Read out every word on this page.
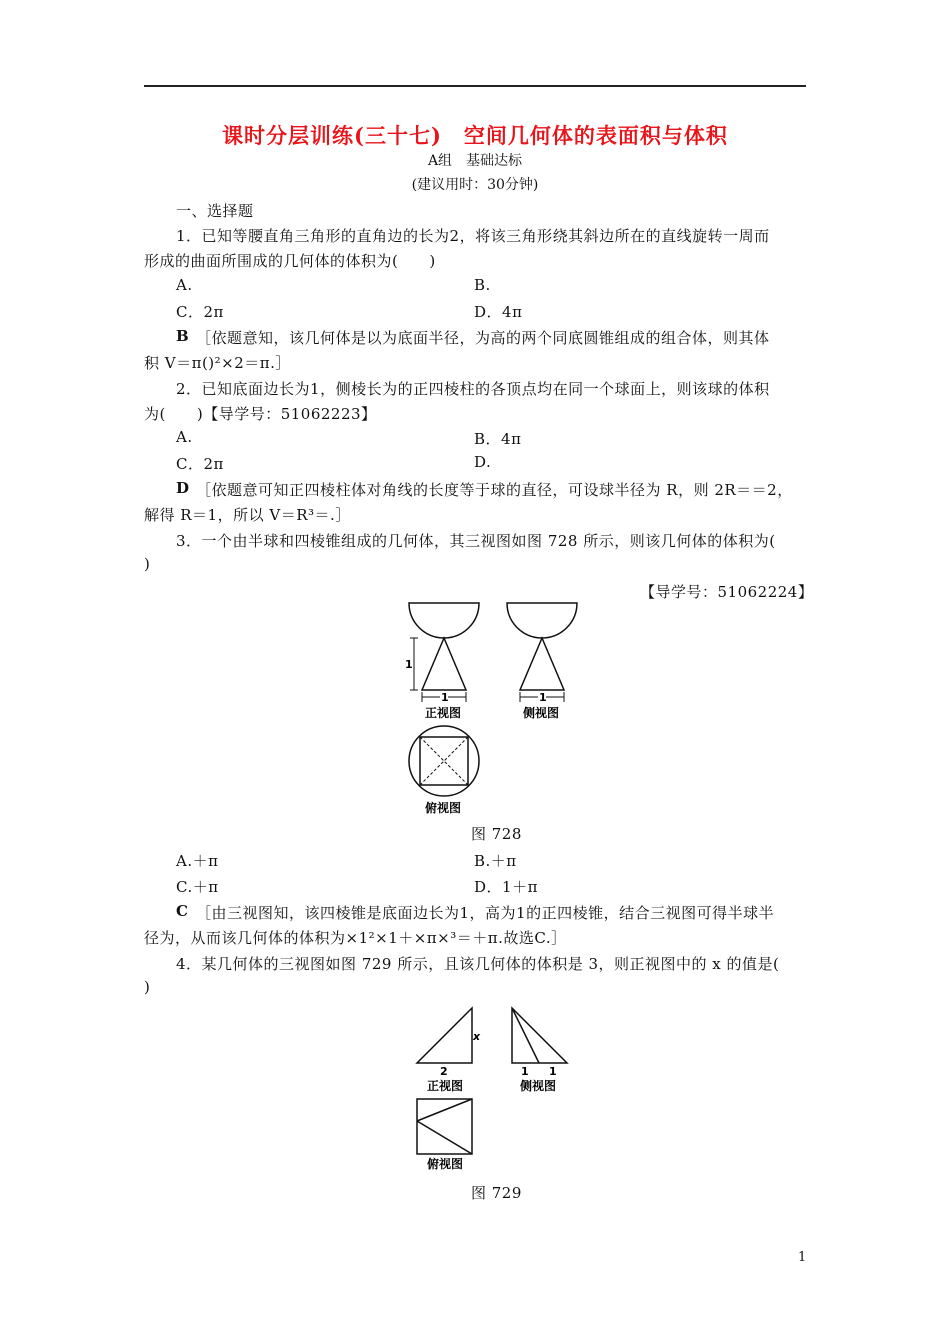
课时分层训练(三十七)　空间几何体的表面积与体积
A组　基础达标
(建议用时：30分钟)
一、选择题
1．已知等腰直角三角形的直角边的长为2，将该三角形绕其斜边所在的直线旋转一周而
形成的曲面所围成的几何体的体积为(　　)
A.	B.
C．2π	D．4π
B ［依题意知，该几何体是以为底面半径，为高的两个同底圆锥组成的组合体，则其体
积 V＝π()²×2＝π.］
2．已知底面边长为1，侧棱长为的正四棱柱的各顶点均在同一个球面上，则该球的体积
为(　　)【导学号：51062223】
A.	B．4π
C．2π	D.
D ［依题意可知正四棱柱体对角线的长度等于球的直径，可设球半径为 R，则 2R＝＝2，
解得 R＝1，所以 V＝R³＝.］
3．一个由半球和四棱锥组成的几何体，其三视图如图 728 所示，则该几何体的体积为(
)
【导学号：51062224】
1
1	1
正视图	侧视图
俯视图
图 728
A.＋π	B.＋π
C.＋π	D．1＋π
C ［由三视图知，该四棱锥是底面边长为1，高为1的正四棱锥，结合三视图可得半球半
径为，从而该几何体的体积为×1²×1＋×π×³＝＋π.故选C.］
4．某几何体的三视图如图 729 所示，且该几何体的体积是 3，则正视图中的 x 的值是(
)
x
2	1 1
正视图	侧视图
俯视图
图 729
1
